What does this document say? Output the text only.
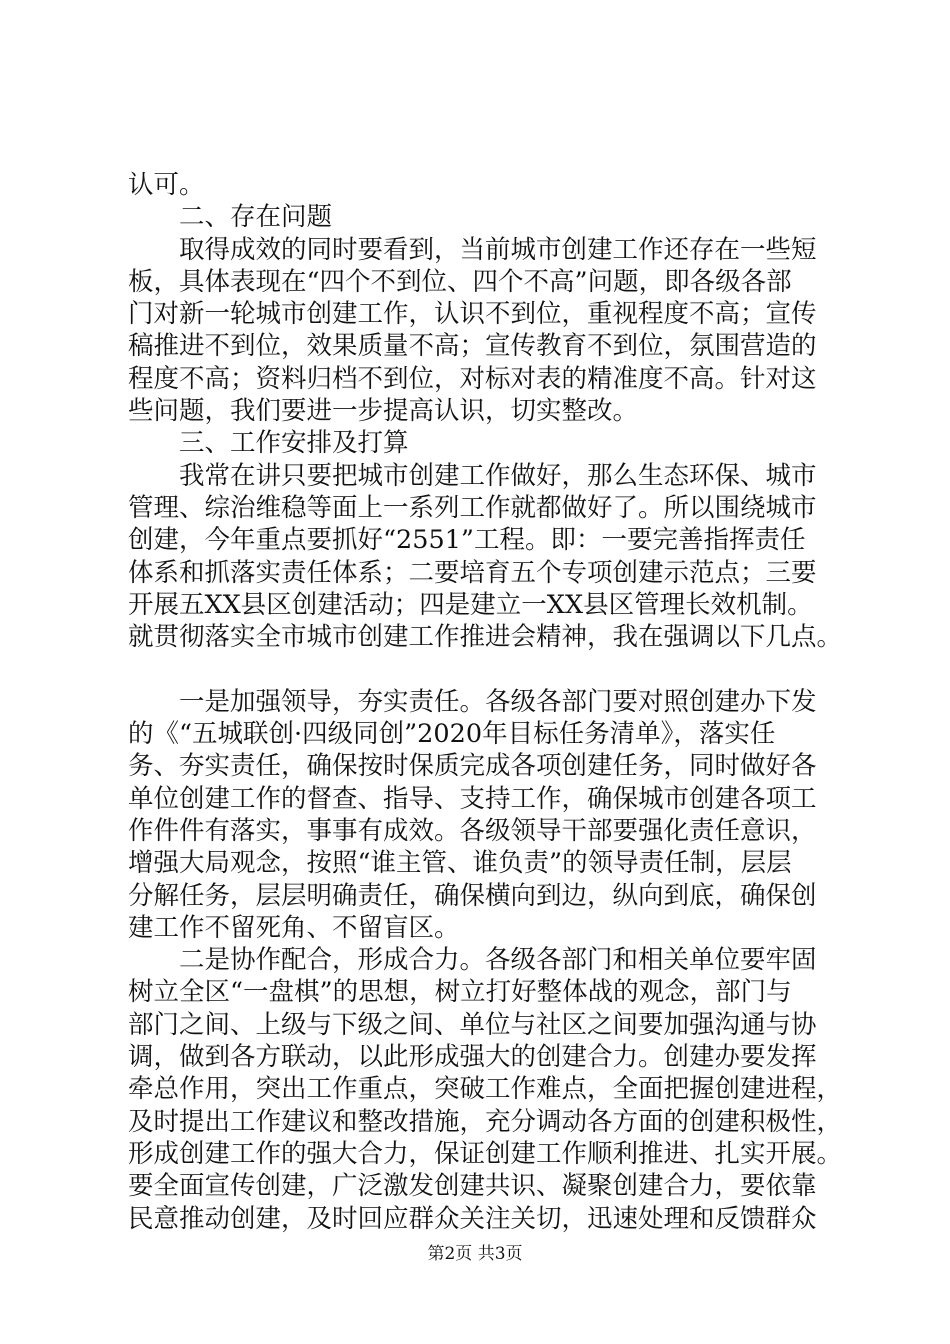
认可。
二、存在问题
取得成效的同时要看到，当前城市创建工作还存在一些短
板，具体表现在“四个不到位、四个不高”问题，即各级各部
门对新一轮城市创建工作，认识不到位，重视程度不高；宣传
稿推进不到位，效果质量不高；宣传教育不到位，氛围营造的
程度不高；资料归档不到位，对标对表的精准度不高。针对这
些问题，我们要进一步提高认识，切实整改。
三、工作安排及打算
我常在讲只要把城市创建工作做好，那么生态环保、城市
管理、综治维稳等面上一系列工作就都做好了。所以围绕城市
创建，今年重点要抓好“2551”工程。即：一要完善指挥责任
体系和抓落实责任体系；二要培育五个专项创建示范点；三要
开展五XX县区创建活动；四是建立一XX县区管理长效机制。
就贯彻落实全市城市创建工作推进会精神，我在强调以下几点。
一是加强领导，夯实责任。各级各部门要对照创建办下发
的《“五城联创·四级同创”2020年目标任务清单》，落实任
务、夯实责任，确保按时保质完成各项创建任务，同时做好各
单位创建工作的督查、指导、支持工作，确保城市创建各项工
作件件有落实，事事有成效。各级领导干部要强化责任意识，
增强大局观念，按照“谁主管、谁负责”的领导责任制，层层
分解任务，层层明确责任，确保横向到边，纵向到底，确保创
建工作不留死角、不留盲区。
二是协作配合，形成合力。各级各部门和相关单位要牢固
树立全区“一盘棋”的思想，树立打好整体战的观念，部门与
部门之间、上级与下级之间、单位与社区之间要加强沟通与协
调，做到各方联动，以此形成强大的创建合力。创建办要发挥
牵总作用，突出工作重点，突破工作难点，全面把握创建进程，
及时提出工作建议和整改措施，充分调动各方面的创建积极性，
形成创建工作的强大合力，保证创建工作顺利推进、扎实开展。
要全面宣传创建，广泛激发创建共识、凝聚创建合力，要依靠
民意推动创建，及时回应群众关注关切，迅速处理和反馈群众
第2页 共3页
